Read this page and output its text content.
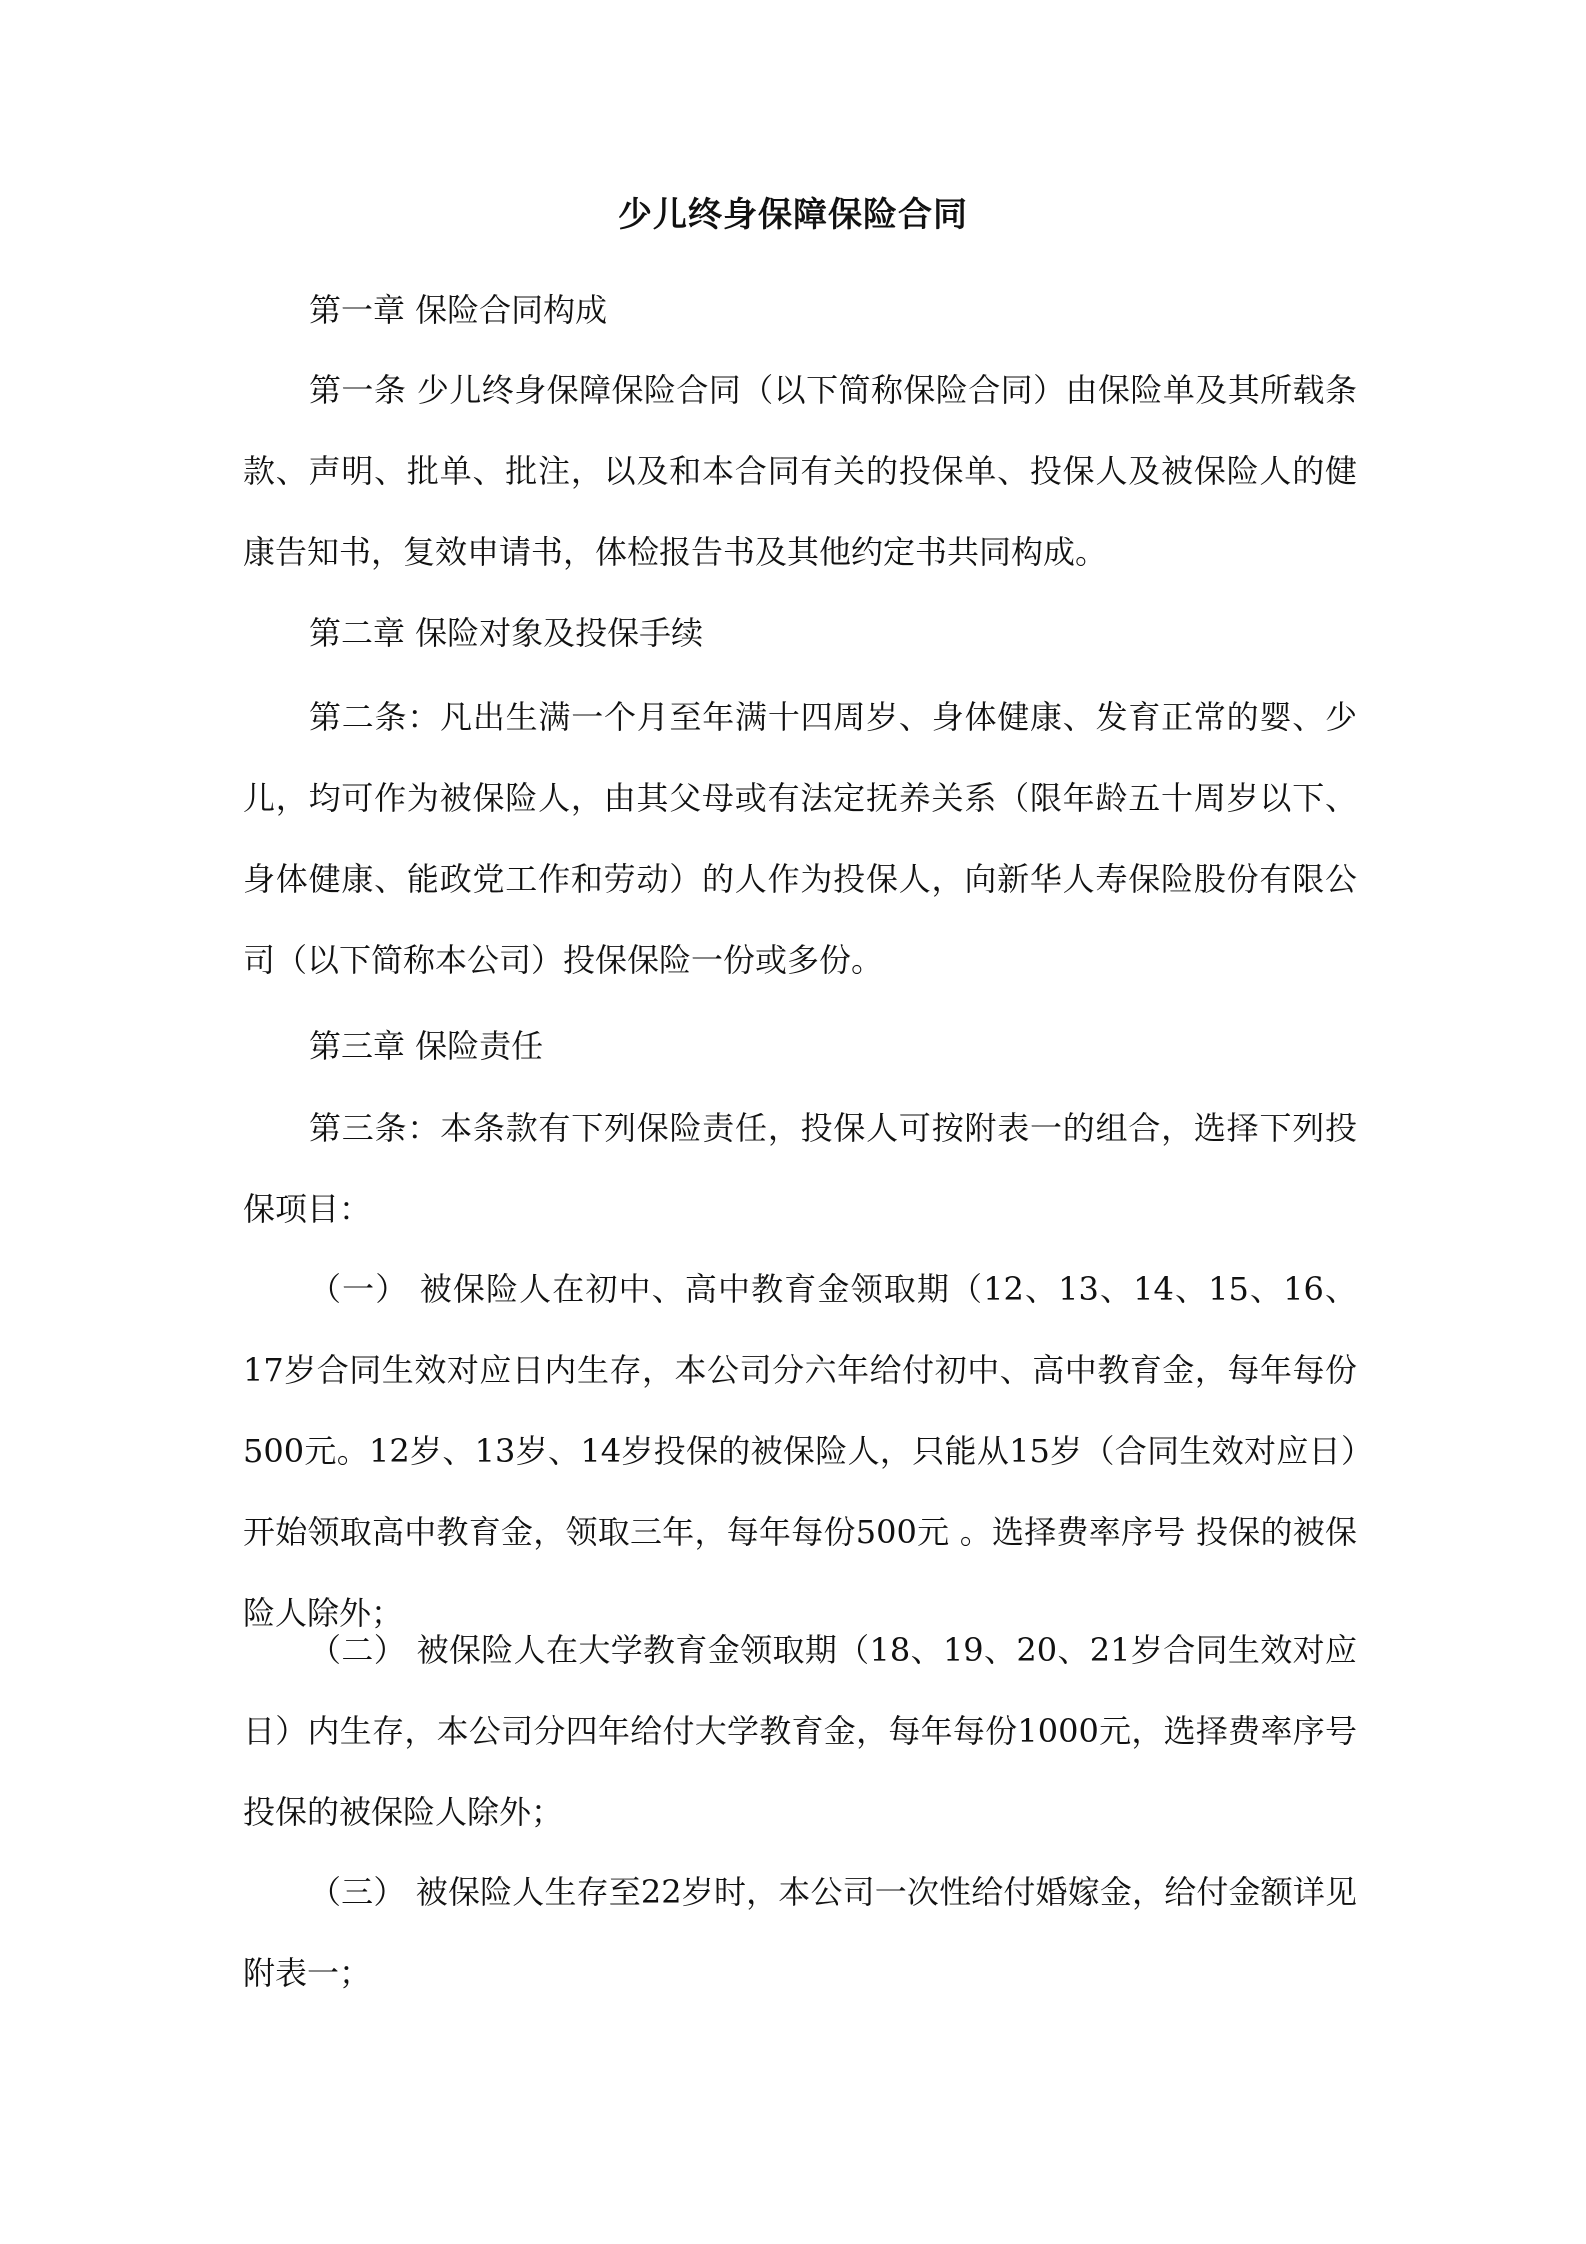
少儿终身保障保险合同

第一章 保险合同构成

第一条 少儿终身保障保险合同（以下简称保险合同）由保险单及其所载条款、声明、批单、批注，以及和本合同有关的投保单、投保人及被保险人的健康告知书，复效申请书，体检报告书及其他约定书共同构成。

第二章 保险对象及投保手续

第二条：凡出生满一个月至年满十四周岁、身体健康、发育正常的婴、少儿，均可作为被保险人，由其父母或有法定抚养关系（限年龄五十周岁以下、身体健康、能政党工作和劳动）的人作为投保人，向新华人寿保险股份有限公司（以下简称本公司）投保保险一份或多份。

第三章 保险责任

第三条：本条款有下列保险责任，投保人可按附表一的组合，选择下列投保项目：

（一） 被保险人在初中、高中教育金领取期（12、13、14、15、16、17岁合同生效对应日内生存，本公司分六年给付初中、高中教育金，每年每份500元。12岁、13岁、14岁投保的被保险人，只能从15岁（合同生效对应日）开始领取高中教育金，领取三年，每年每份500元 。选择费率序号 投保的被保险人除外；

（二） 被保险人在大学教育金领取期（18、19、20、21岁合同生效对应日）内生存，本公司分四年给付大学教育金，每年每份1000元，选择费率序号 投保的被保险人除外；

（三） 被保险人生存至22岁时，本公司一次性给付婚嫁金，给付金额详见附表一；
